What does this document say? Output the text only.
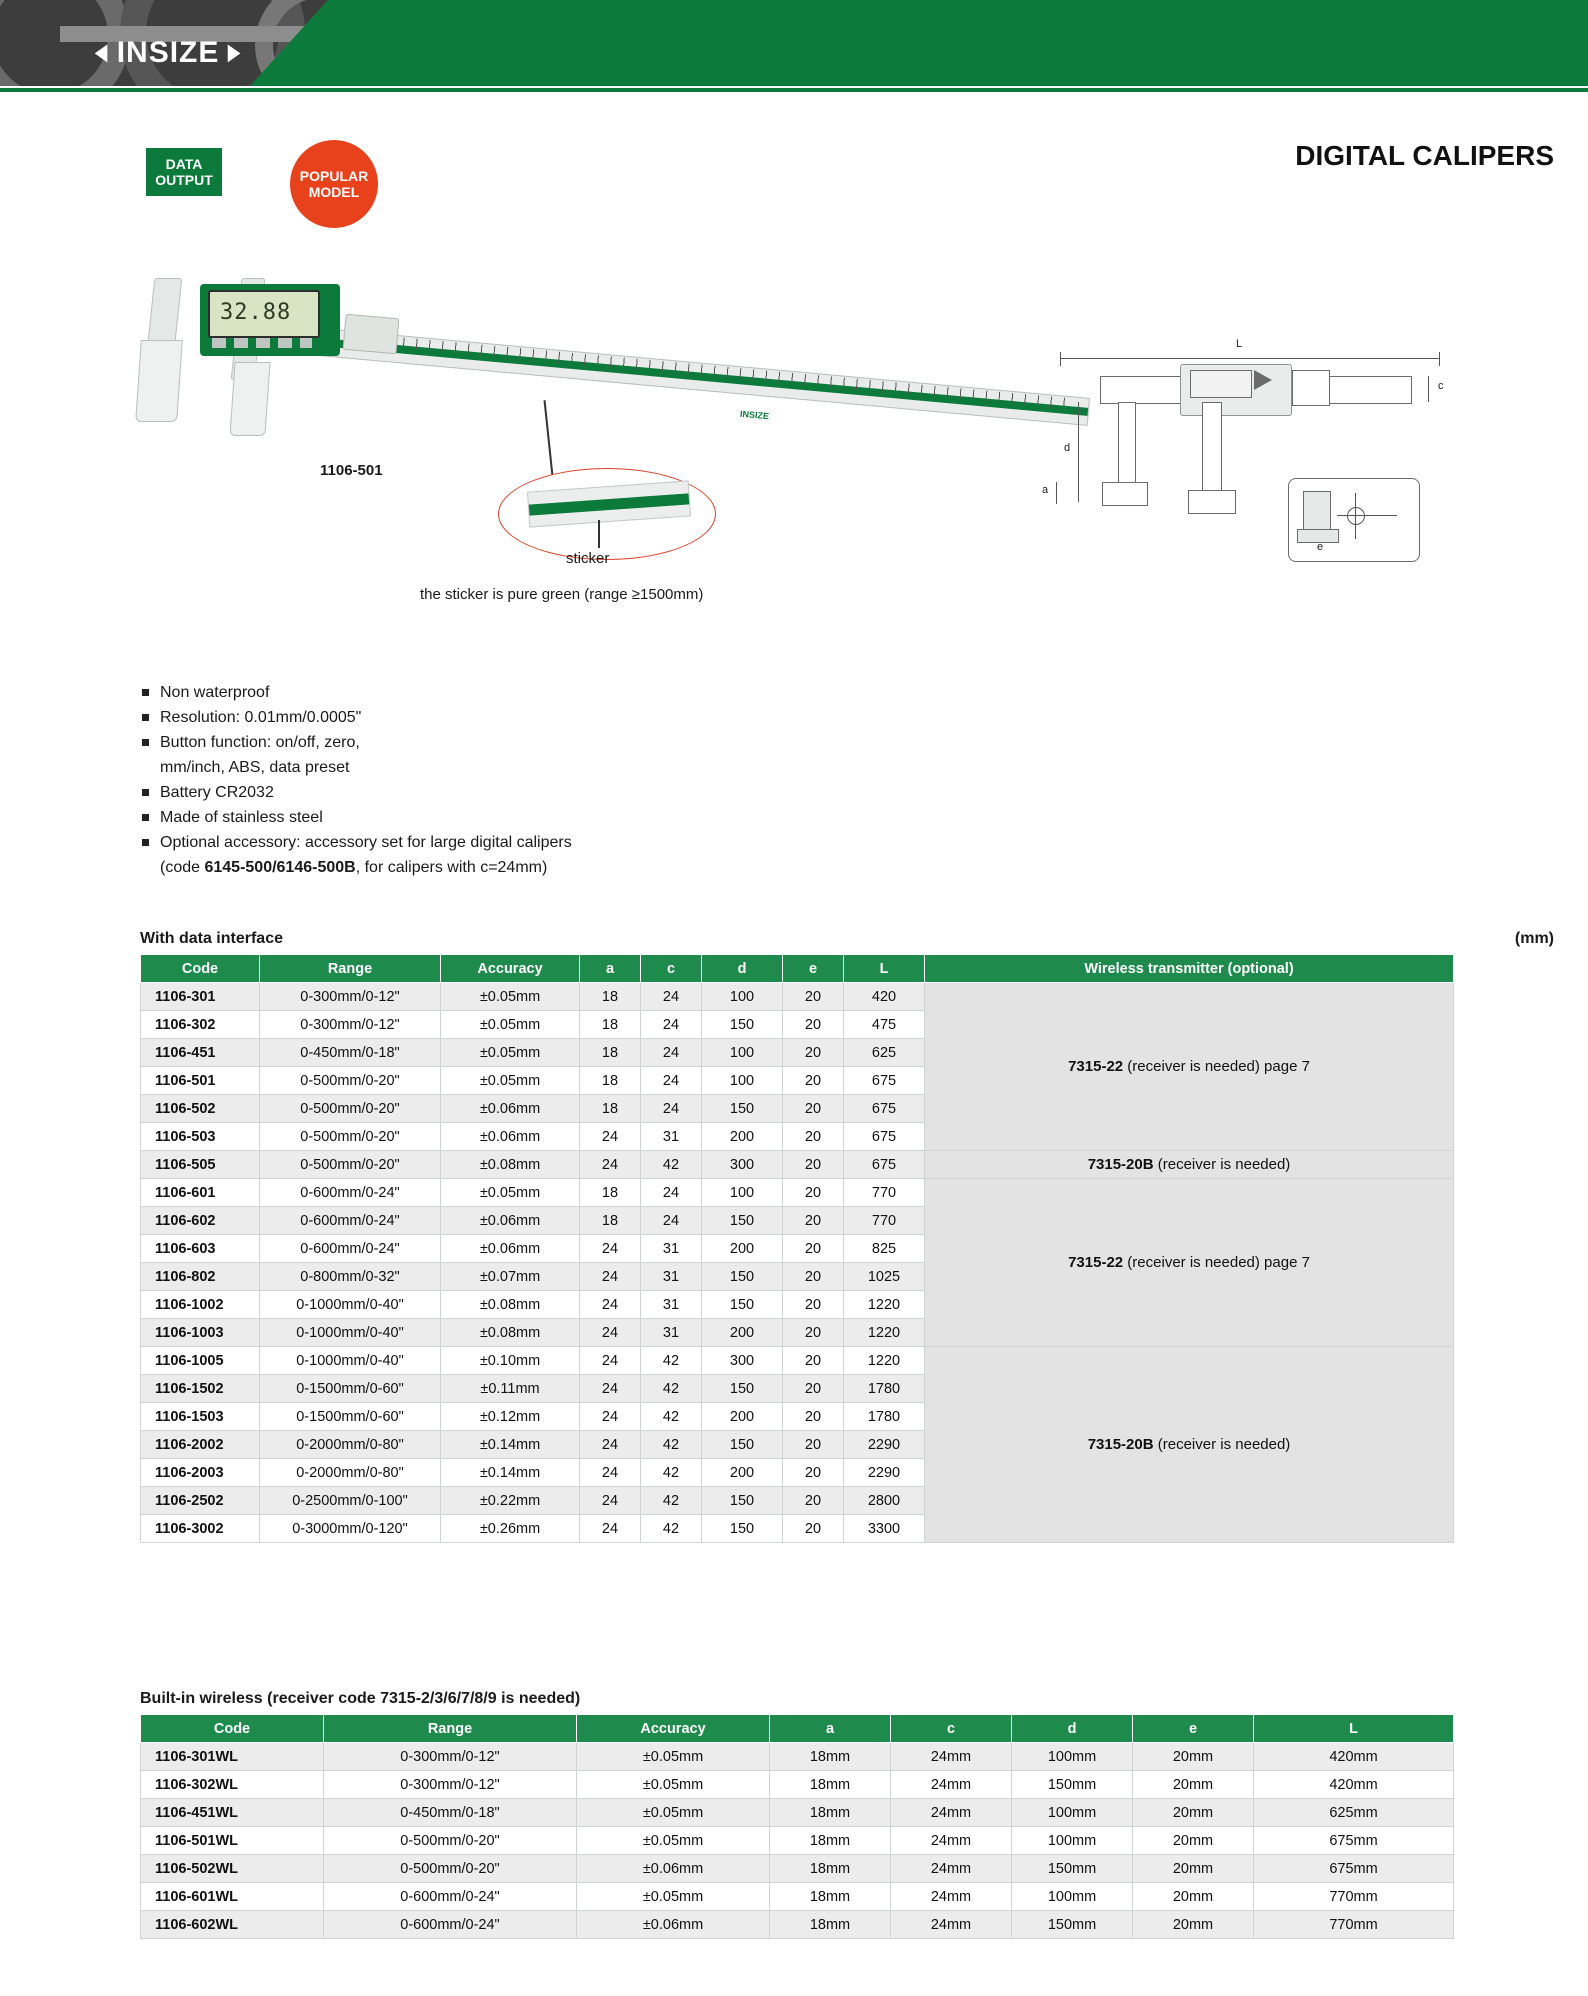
◄ INSIZE ►
DIGITAL CALIPERS
DATA
OUTPUT	POPULAR
MODEL
32.88
INSIZE
1106-501
sticker
the sticker is pure green (range ≥1500mm)
L
c
d
a
e
Non waterproof
Resolution: 0.01mm/0.0005"
Button function: on/off, zero,
mm/inch, ABS, data preset
Battery CR2032
Made of stainless steel
Optional accessory: accessory set for large digital calipers
(code 6145-500/6146-500B, for calipers with c=24mm)
With data interface	(mm)
Code	Range	Accuracy	a	c	d	e	L	Wireless transmitter (optional)
1106-301	0-300mm/0-12"	±0.05mm	18	24	100	20	420	7315-22 (receiver is needed) page 7
1106-302	0-300mm/0-12"	±0.05mm	18	24	150	20	475	
1106-451	0-450mm/0-18"	±0.05mm	18	24	100	20	625	
1106-501	0-500mm/0-20"	±0.05mm	18	24	100	20	675	
1106-502	0-500mm/0-20"	±0.06mm	18	24	150	20	675	
1106-503	0-500mm/0-20"	±0.06mm	24	31	200	20	675	
1106-505	0-500mm/0-20"	±0.08mm	24	42	300	20	675	7315-20B (receiver is needed)
1106-601	0-600mm/0-24"	±0.05mm	18	24	100	20	770	7315-22 (receiver is needed) page 7
1106-602	0-600mm/0-24"	±0.06mm	18	24	150	20	770	
1106-603	0-600mm/0-24"	±0.06mm	24	31	200	20	825	
1106-802	0-800mm/0-32"	±0.07mm	24	31	150	20	1025	
1106-1002	0-1000mm/0-40"	±0.08mm	24	31	150	20	1220	
1106-1003	0-1000mm/0-40"	±0.08mm	24	31	200	20	1220	
1106-1005	0-1000mm/0-40"	±0.10mm	24	42	300	20	1220	7315-20B (receiver is needed)
1106-1502	0-1500mm/0-60"	±0.11mm	24	42	150	20	1780	
1106-1503	0-1500mm/0-60"	±0.12mm	24	42	200	20	1780	
1106-2002	0-2000mm/0-80"	±0.14mm	24	42	150	20	2290	
1106-2003	0-2000mm/0-80"	±0.14mm	24	42	200	20	2290	
1106-2502	0-2500mm/0-100"	±0.22mm	24	42	150	20	2800	
1106-3002	0-3000mm/0-120"	±0.26mm	24	42	150	20	3300	
Built-in wireless (receiver code 7315-2/3/6/7/8/9 is needed)
Code	Range	Accuracy	a	c	d	e	L
1106-301WL	0-300mm/0-12"	±0.05mm	18mm	24mm	100mm	20mm	420mm
1106-302WL	0-300mm/0-12"	±0.05mm	18mm	24mm	150mm	20mm	420mm
1106-451WL	0-450mm/0-18"	±0.05mm	18mm	24mm	100mm	20mm	625mm
1106-501WL	0-500mm/0-20"	±0.05mm	18mm	24mm	100mm	20mm	675mm
1106-502WL	0-500mm/0-20"	±0.06mm	18mm	24mm	150mm	20mm	675mm
1106-601WL	0-600mm/0-24"	±0.05mm	18mm	24mm	100mm	20mm	770mm
1106-602WL	0-600mm/0-24"	±0.06mm	18mm	24mm	150mm	20mm	770mm
